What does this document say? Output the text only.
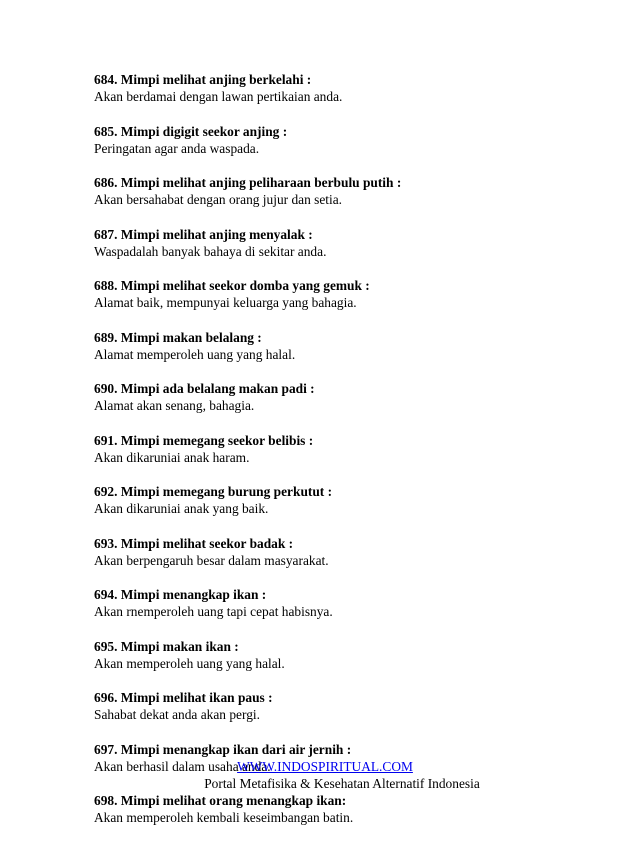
684. Mimpi melihat anjing berkelahi :
Akan berdamai dengan lawan pertikaian anda.
685. Mimpi digigit seekor anjing :
Peringatan agar anda waspada.
686. Mimpi melihat anjing peliharaan berbulu putih :
Akan bersahabat dengan orang jujur dan setia.
687. Mimpi melihat anjing menyalak :
Waspadalah banyak bahaya di sekitar anda.
688. Mimpi melihat seekor domba yang gemuk :
Alamat baik, mempunyai keluarga yang bahagia.
689. Mimpi makan belalang :
Alamat memperoleh uang yang halal.
690. Mimpi ada belalang makan padi :
Alamat akan senang, bahagia.
691. Mimpi memegang seekor belibis :
Akan dikaruniai anak haram.
692. Mimpi memegang burung perkutut :
Akan dikaruniai anak yang baik.
693. Mimpi melihat seekor badak :
Akan berpengaruh besar dalam masyarakat.
694. Mimpi menangkap ikan :
Akan rnemperoleh uang tapi cepat habisnya.
695. Mimpi makan ikan :
Akan memperoleh uang yang halal.
696. Mimpi melihat ikan paus :
Sahabat dekat anda akan pergi.
697. Mimpi menangkap ikan dari air jernih :
Akan berhasil dalam usaha anda.
698. Mimpi melihat orang menangkap ikan:
Akan memperoleh kembali keseimbangan batin.
WWW.INDOSPIRITUAL.COM
Portal Metafisika & Kesehatan Alternatif Indonesia
